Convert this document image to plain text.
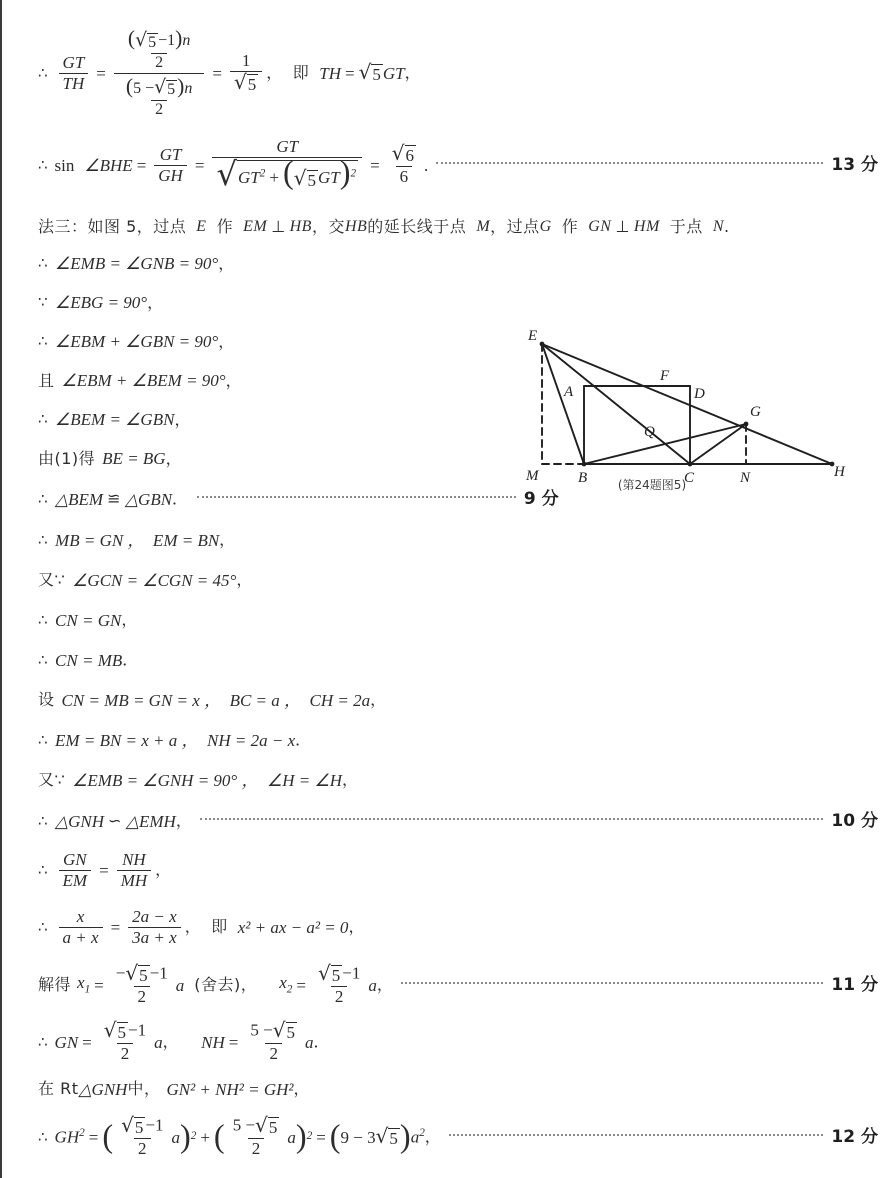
∴ $\frac{GT}{TH} = \frac{\frac{( √ 5 -1)n}{2}}{\frac{(5 - √ 5 )n}{2}} = \frac{1}{√ 5}$ ， 即 TH = √ 5 GT ，
∴ sin ∠BHE = $\frac{GT}{GH} = \frac{GT}{√ GT^2 + ( √ 5 GT)^2} = \frac{√ 6}{6}$ .	13 分
法三：如图 5，过点 E 作 EM ⊥ HB ，交 HB 的延长线于点 M ，过点 G 作 GN ⊥ HM 于点 N .
∴ ∠EMB = ∠GNB = 90° ，
∵ ∠EBG = 90° ，
∴ ∠EBM + ∠GBN = 90° ，
且 ∠EBM + ∠BEM = 90° ，
∴ ∠BEM = ∠GBN ，
由(1)得 BE = BG ，
∴ △BEM ≌ △GBN ．	9 分
∴ MB = GN ，　EM = BN ，
又∵ ∠GCN = ∠CGN = 45° ，
∴ CN = GN ，
∴ CN = MB ．
设 CN = MB = GN = x ，　BC = a ，　CH = 2a ，
∴ EM = BN = x + a ，　NH = 2a − x ．
又∵ ∠EMB = ∠GNH = 90° ，　∠H = ∠H ，
∴ △GNH ∽ △EMH ，	10 分
∴ $\frac{GN}{EM} = \frac{NH}{MH}$ ，
∴ $\frac{x}{a + x} = \frac{2a - x}{3a + x}$ ， 即 x² + ax − a² = 0 ，
解得 $x_1 = \frac{- √ 5 -1}{2}$ a (舍去)， $x_2 = \frac{√ 5 -1}{2}$ a ，	11 分
∴ GN = $\frac{√ 5 -1}{2}$ a ， NH = $\frac{5 - √ 5}{2}$ a ．
在 Rt △GNH 中， GN² + NH² = GH² ，
∴ $GH^2$ = ( $\frac{√ 5 -1}{2}$ a ) 2 + ( $\frac{5 - √ 5}{2}$ a ) 2 = ( 9 − 3 √ 5 ) $a^2$ ，	12 分
E
A
F
D
G
Q
M	B	C	N	H
(第24题图5)
